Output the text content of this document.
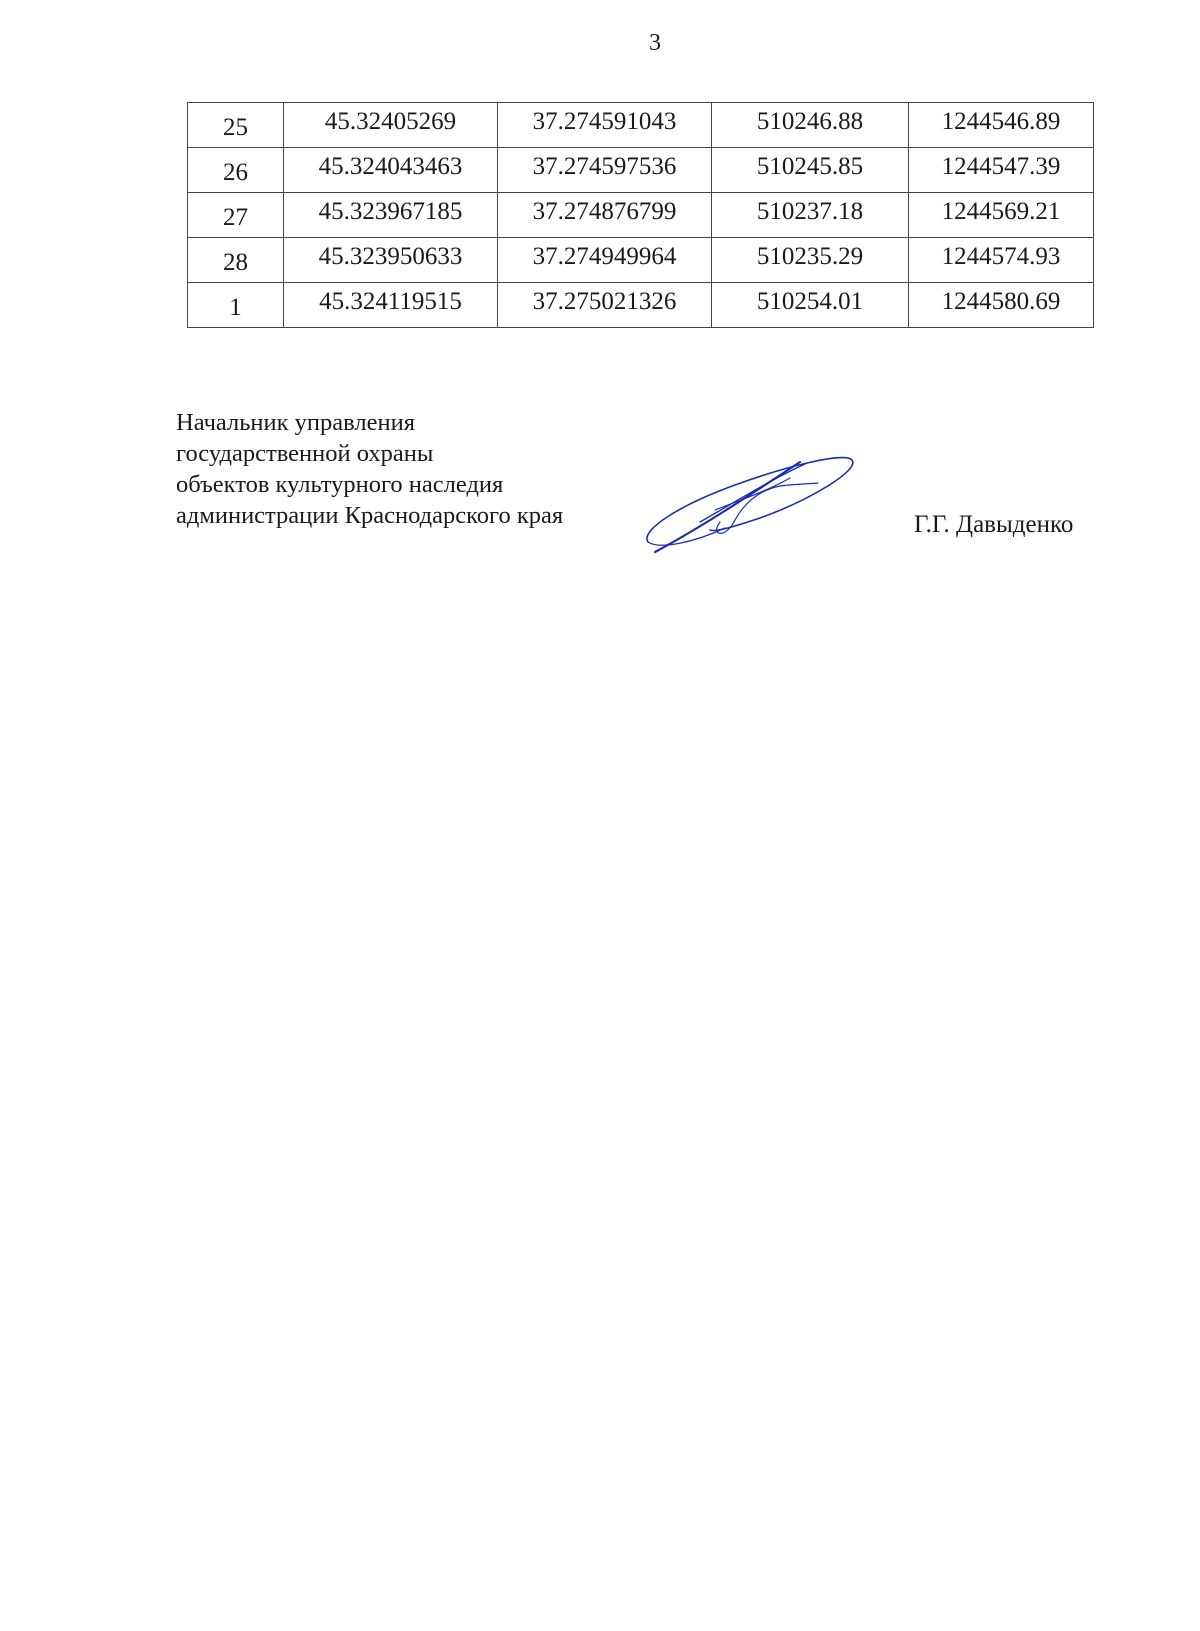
3
25	45.32405269	37.274591043	510246.88	1244546.89
26	45.324043463	37.274597536	510245.85	1244547.39
27	45.323967185	37.274876799	510237.18	1244569.21
28	45.323950633	37.274949964	510235.29	1244574.93
1	45.324119515	37.275021326	510254.01	1244580.69
Начальник управления
государственной охраны
объектов культурного наследия
администрации Краснодарского края	Г.Г. Давыденко
